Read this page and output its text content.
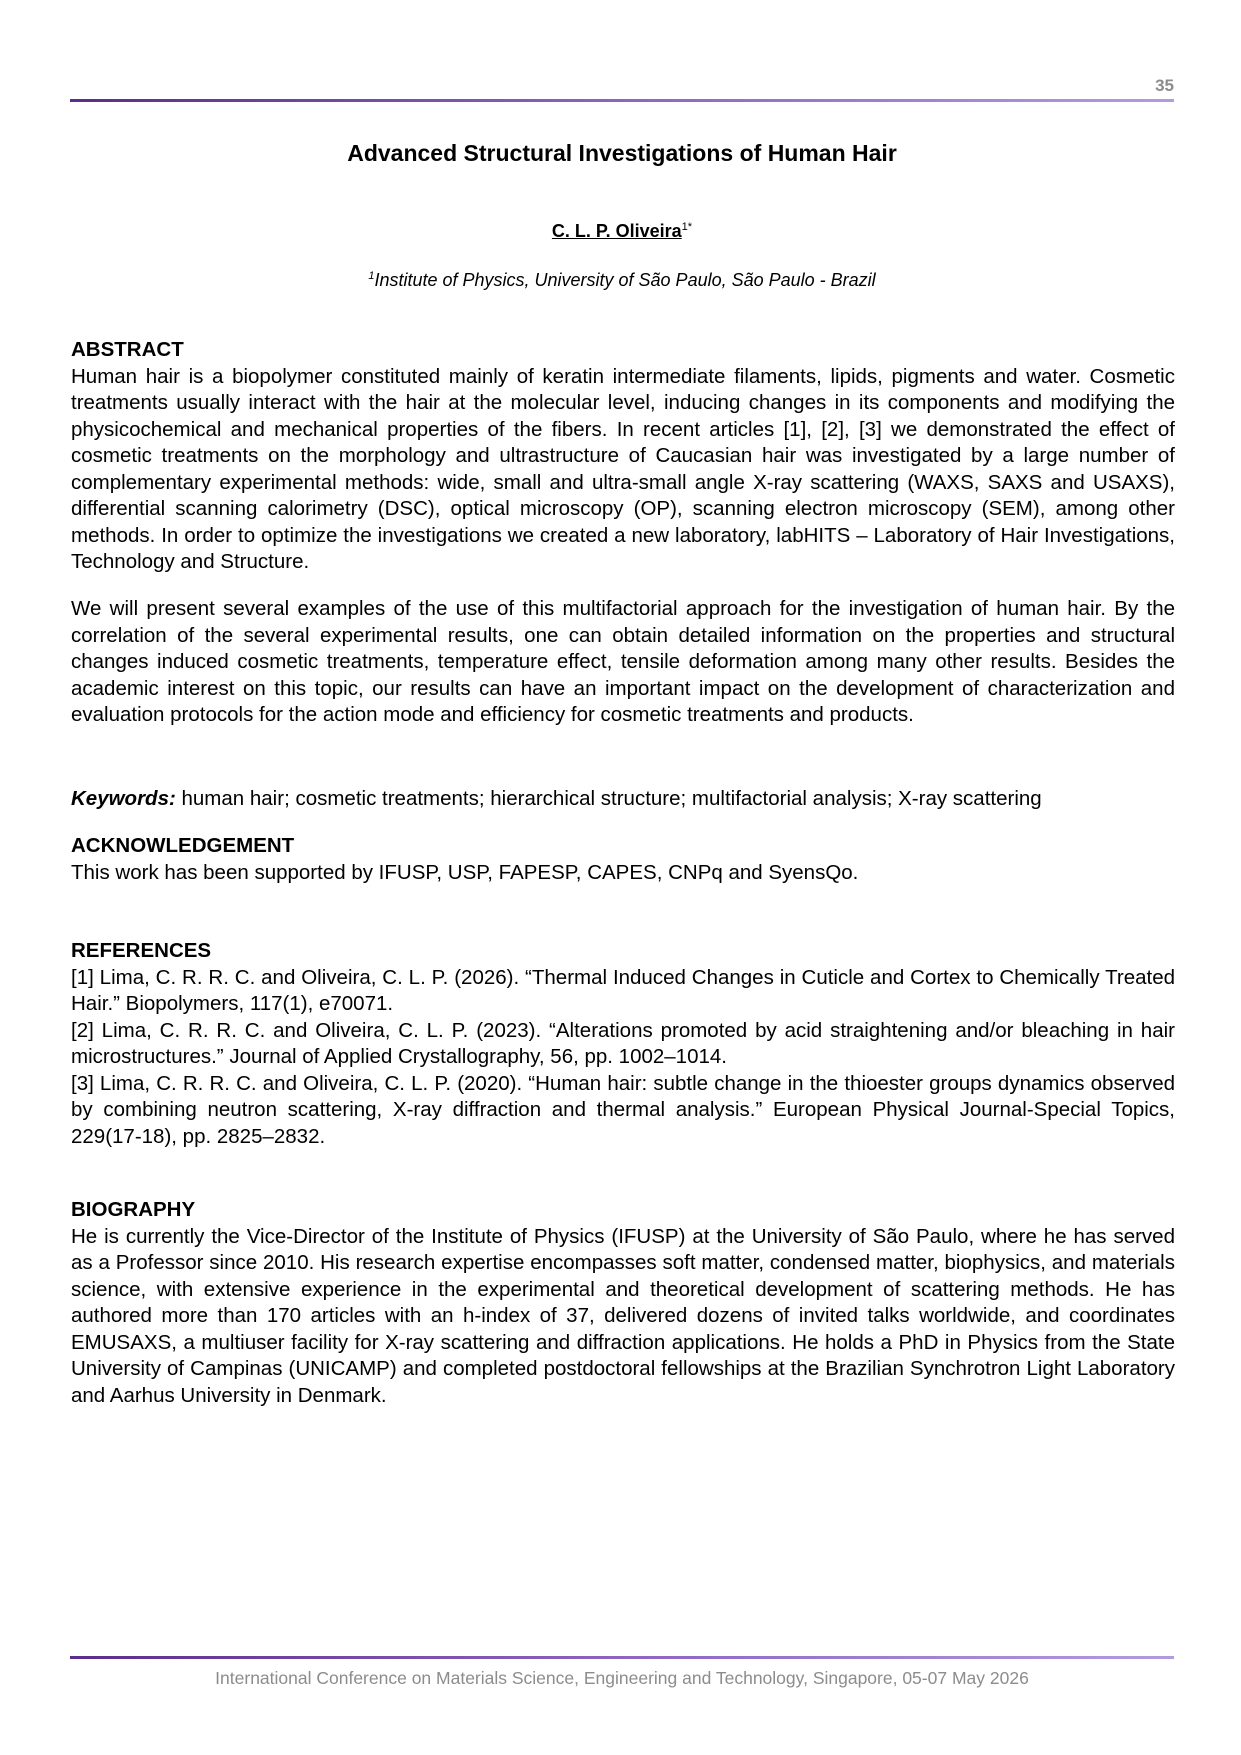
35
Advanced Structural Investigations of Human Hair
C. L. P. Oliveira$^{1*}$
$^1$Institute of Physics, University of São Paulo, São Paulo - Brazil
ABSTRACT
Human hair is a biopolymer constituted mainly of keratin intermediate filaments, lipids, pigments and water. Cosmetic treatments usually interact with the hair at the molecular level, inducing changes in its components and modifying the physicochemical and mechanical properties of the fibers. In recent articles [1], [2], [3] we demonstrated the effect of cosmetic treatments on the morphology and ultrastructure of Caucasian hair was investigated by a large number of complementary experimental methods: wide, small and ultra-small angle X-ray scattering (WAXS, SAXS and USAXS), differential scanning calorimetry (DSC), optical microscopy (OP), scanning electron microscopy (SEM), among other methods. In order to optimize the investigations we created a new laboratory, labHITS – Laboratory of Hair Investigations, Technology and Structure.
We will present several examples of the use of this multifactorial approach for the investigation of human hair. By the correlation of the several experimental results, one can obtain detailed information on the properties and structural changes induced cosmetic treatments, temperature effect, tensile deformation among many other results. Besides the academic interest on this topic, our results can have an important impact on the development of characterization and evaluation protocols for the action mode and efficiency for cosmetic treatments and products.
Keywords: human hair; cosmetic treatments; hierarchical structure; multifactorial analysis; X-ray scattering
ACKNOWLEDGEMENT
This work has been supported by IFUSP, USP, FAPESP, CAPES, CNPq and SyensQo.
REFERENCES
[1] Lima, C. R. R. C. and Oliveira, C. L. P. (2026). “Thermal Induced Changes in Cuticle and Cortex to Chemically Treated Hair.” Biopolymers, 117(1), e70071.
[2] Lima, C. R. R. C. and Oliveira, C. L. P. (2023). “Alterations promoted by acid straightening and/or bleaching in hair microstructures.” Journal of Applied Crystallography, 56, pp. 1002–1014.
[3] Lima, C. R. R. C. and Oliveira, C. L. P. (2020). “Human hair: subtle change in the thioester groups dynamics observed by combining neutron scattering, X-ray diffraction and thermal analysis.” European Physical Journal-Special Topics, 229(17-18), pp. 2825–2832.
BIOGRAPHY
He is currently the Vice-Director of the Institute of Physics (IFUSP) at the University of São Paulo, where he has served as a Professor since 2010. His research expertise encompasses soft matter, condensed matter, biophysics, and materials science, with extensive experience in the experimental and theoretical development of scattering methods. He has authored more than 170 articles with an h-index of 37, delivered dozens of invited talks worldwide, and coordinates EMUSAXS, a multiuser facility for X-ray scattering and diffraction applications. He holds a PhD in Physics from the State University of Campinas (UNICAMP) and completed postdoctoral fellowships at the Brazilian Synchrotron Light Laboratory and Aarhus University in Denmark.
International Conference on Materials Science, Engineering and Technology, Singapore, 05-07 May 2026
